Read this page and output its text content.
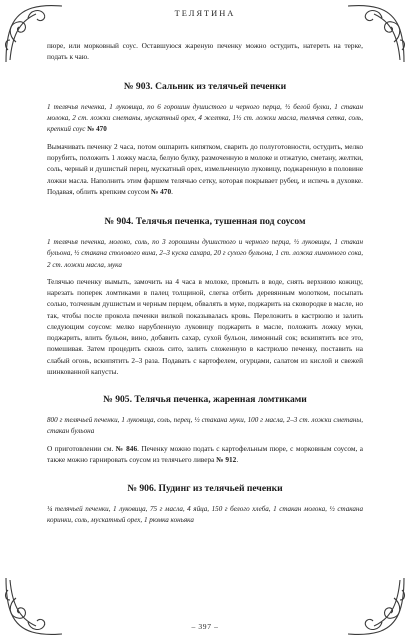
ТЕЛЯТИНА

пюре, или морковный соус. Оставшуюся жареную печенку можно остудить, натереть на терке, подать к чаю.

№ 903. Сальник из телячьей печенки

1 телячья печенка, 1 луковица, по 6 горошин душистого и черного перца, ½ белой булки, 1 стакан молока, 2 ст. ложки сметаны, мускатный орех, 4 желтка, 1½ ст. ложки масла, телячья сетка, соль, крепкий соус № 470

Вымачивать печенку 2 часа, потом ошпарить кипятком, сварить до полуготовности, остудить, мелко порубить, положить 1 ложку масла, белую булку, размоченную в молоке и отжатую, сметану, желтки, соль, черный и душистый перец, мускатный орех, измельченную луковицу, поджаренную в половине ложки масла. Наполнить этим фаршем телячью сетку, которая покрывает рубец, и испечь в духовке. Подавая, облить крепким соусом № 470.

№ 904. Телячья печенка, тушенная под соусом

1 телячья печенка, молоко, соль, по 3 горошины душистого и черного перца, ½ луковицы, 1 стакан бульона, ½ стакана столового вина, 2–3 куска сахара, 20 г сухого бульона, 1 ст. ложка лимонного сока, 2 ст. ложки масла, мука

Телячью печенку вымыть, замочить на 4 часа в молоке, промыть в воде, снять верхнюю кожицу, нарезать поперек ломтиками в палец толщиной, слегка отбить деревянным молотком, посыпать солью, толченым душистым и черным перцем, обвалять в муке, поджарить на сковородке в масле, но так, чтобы после прокола печенки вилкой показывалась кровь. Переложить в кастрюлю и залить следующим соусом: мелко нарубленную луковицу поджарить в масле, положить ложку муки, поджарить, влить бульон, вино, добавить сахар, сухой бульон, лимонный сок; вскипятить все это, помешивая. Затем процедить сквозь сито, залить сложенную в кастрюлю печенку, поставить на слабый огонь, вскипятить 2–3 раза. Подавать с картофелем, огурцами, салатом из кислой и свежей шинкованной капусты.

№ 905. Телячья печенка, жаренная ломтиками

800 г телячьей печенки, 1 луковица, соль, перец, ½ стакана муки, 100 г масла, 2–3 ст. ложки сметаны, стакан бульона

О приготовлении см. № 846. Печенку можно подать с картофельным пюре, с морковным соусом, а также можно гарнировать соусом из телячьего ливера № 912.

№ 906. Пудинг из телячьей печенки

¼ телячьей печенки, 1 луковица, 75 г масла, 4 яйца, 150 г белого хлеба, 1 стакан молока, ½ стакана коринки, соль, мускатный орех, 1 рюмка коньяка

– 397 –
